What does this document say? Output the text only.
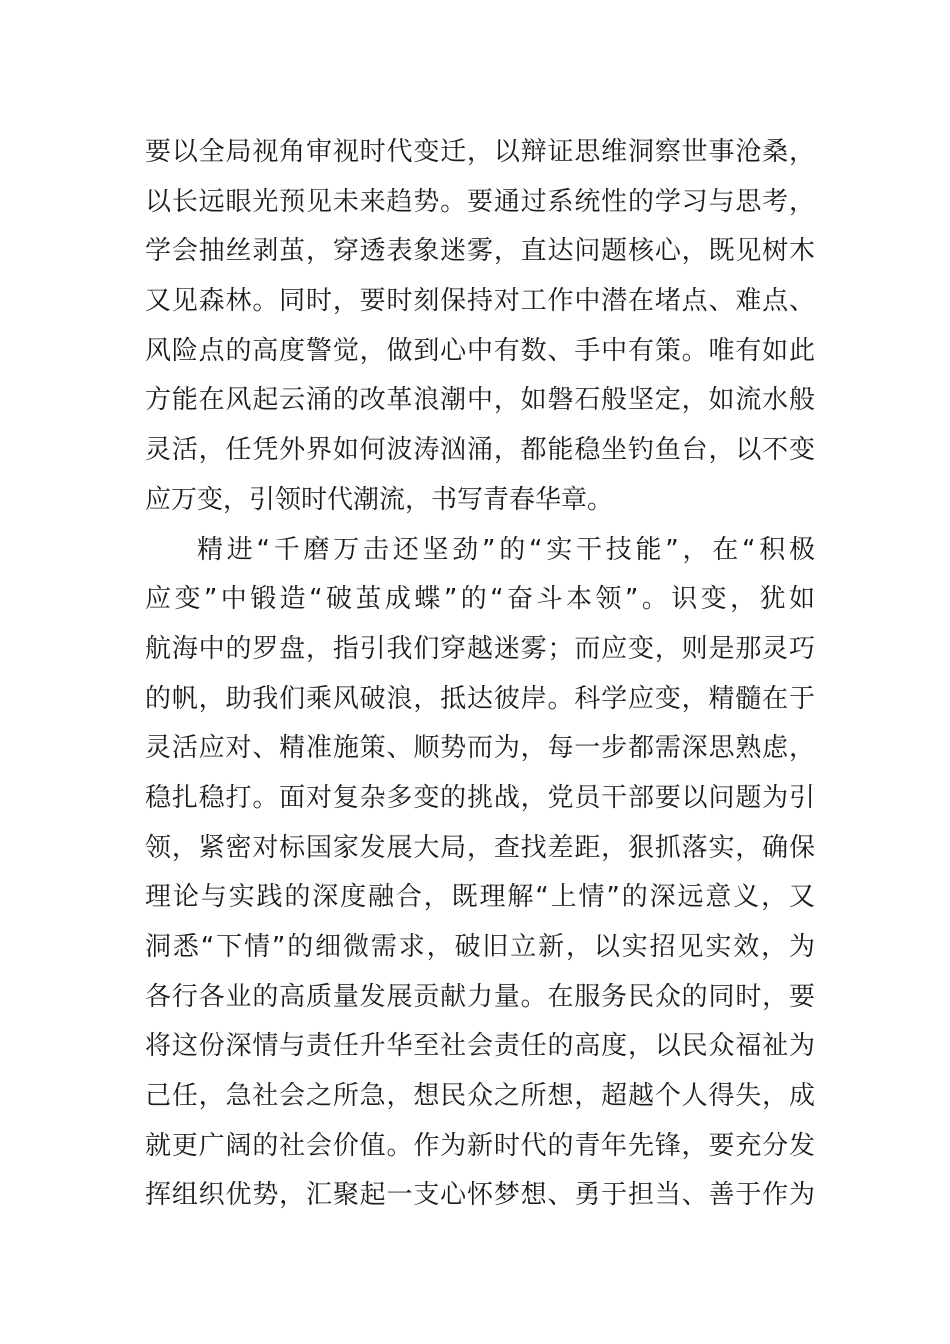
要以全局视角审视时代变迁，以辩证思维洞察世事沧桑，
以长远眼光预见未来趋势。要通过系统性的学习与思考，
学会抽丝剥茧，穿透表象迷雾，直达问题核心，既见树木
又见森林。同时，要时刻保持对工作中潜在堵点、难点、
风险点的高度警觉，做到心中有数、手中有策。唯有如此
方能在风起云涌的改革浪潮中，如磐石般坚定，如流水般
灵活，任凭外界如何波涛汹涌，都能稳坐钓鱼台，以不变
应万变，引领时代潮流，书写青春华章。
精进“千磨万击还坚劲”的“实干技能”，在“积极
应变”中锻造“破茧成蝶”的“奋斗本领”。识变，犹如
航海中的罗盘，指引我们穿越迷雾；而应变，则是那灵巧
的帆，助我们乘风破浪，抵达彼岸。科学应变，精髓在于
灵活应对、精准施策、顺势而为，每一步都需深思熟虑，
稳扎稳打。面对复杂多变的挑战，党员干部要以问题为引
领，紧密对标国家发展大局，查找差距，狠抓落实，确保
理论与实践的深度融合，既理解“上情”的深远意义，又
洞悉“下情”的细微需求，破旧立新，以实招见实效，为
各行各业的高质量发展贡献力量。在服务民众的同时，要
将这份深情与责任升华至社会责任的高度，以民众福祉为
己任，急社会之所急，想民众之所想，超越个人得失，成
就更广阔的社会价值。作为新时代的青年先锋，要充分发
挥组织优势，汇聚起一支心怀梦想、勇于担当、善于作为
